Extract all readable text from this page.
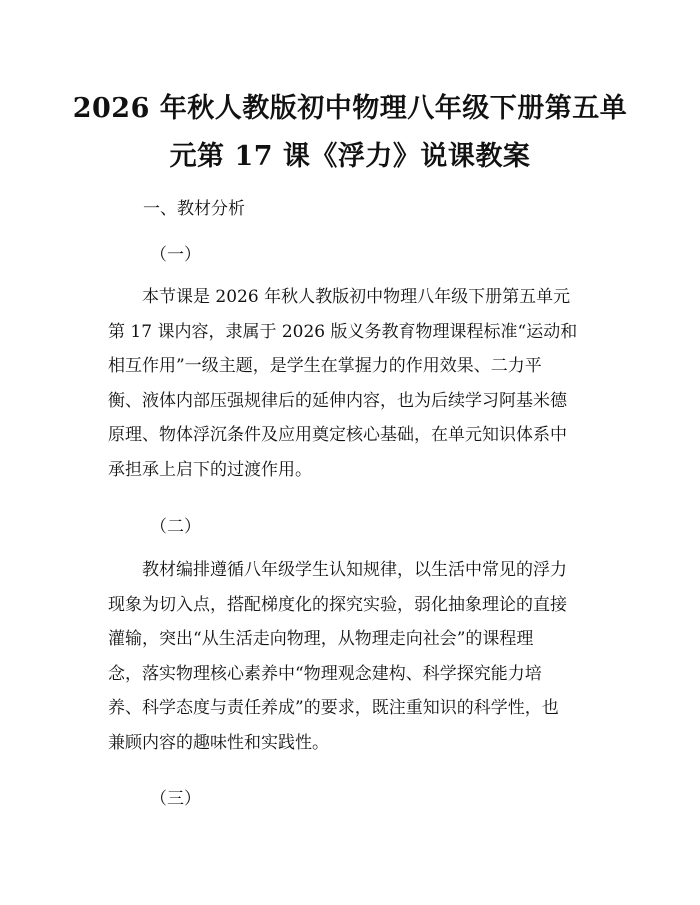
2026 年秋人教版初中物理八年级下册第五单
元第 17 课《浮力》说课教案
一、教材分析
（一）
本节课是 2026 年秋人教版初中物理八年级下册第五单元
第 17 课内容，隶属于 2026 版义务教育物理课程标准“运动和
相互作用”一级主题，是学生在掌握力的作用效果、二力平
衡、液体内部压强规律后的延伸内容，也为后续学习阿基米德
原理、物体浮沉条件及应用奠定核心基础，在单元知识体系中
承担承上启下的过渡作用。
（二）
教材编排遵循八年级学生认知规律，以生活中常见的浮力
现象为切入点，搭配梯度化的探究实验，弱化抽象理论的直接
灌输，突出“从生活走向物理，从物理走向社会”的课程理
念，落实物理核心素养中“物理观念建构、科学探究能力培
养、科学态度与责任养成”的要求，既注重知识的科学性，也
兼顾内容的趣味性和实践性。
（三）
